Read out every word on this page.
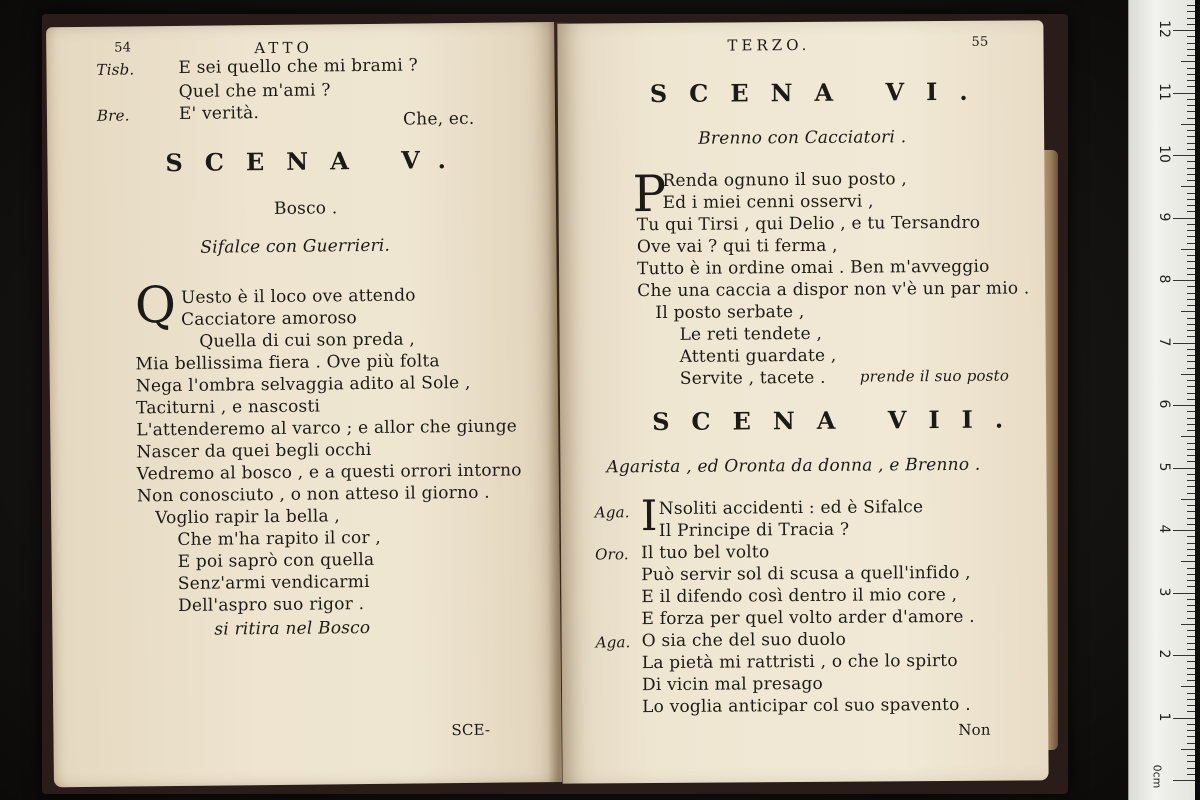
54	ATTO
Tisb.	E sei quello che mi brami ?
Quel che m'ami ?
Bre.	E' verità.	Che, ec.
SCENA V.
Bosco .
Sifalce con Guerrieri.
Q Uesto è il loco ove attendo
Cacciatore amoroso
Quella di cui son preda ,
Mia bellissima fiera . Ove più folta
Nega l'ombra selvaggia adito al Sole ,
Taciturni , e nascosti
L'attenderemo al varco ; e allor che giunge
Nascer da quei begli occhi
Vedremo al bosco , e a questi orrori intorno
Non conosciuto , o non atteso il giorno .
Voglio rapir la bella ,
Che m'ha rapito il cor ,
E poi saprò con quella
Senz'armi vendicarmi
Dell'aspro suo rigor .
si ritira nel Bosco
SCE-
TERZO.	55
SCENA VI.
Brenno con Cacciatori .
P
Renda ognuno il suo posto ,
Ed i miei cenni osservi ,
Tu qui Tirsi , qui Delio , e tu Tersandro
Ove vai ? qui ti ferma ,
Tutto è in ordine omai . Ben m'avveggio
Che una caccia a dispor non v'è un par mio .
Il posto serbate ,
Le reti tendete ,
Attenti guardate ,
Servite , tacete . prende il suo posto
SCENA VII.
Agarista , ed Oronta da donna , e Brenno .
Aga. I Nsoliti accidenti : ed è Sifalce
Il Principe di Tracia ?
Oro. Il tuo bel volto
Può servir sol di scusa a quell'infido ,
E il difendo così dentro il mio core ,
E forza per quel volto arder d'amore .
Aga. O sia che del suo duolo
La pietà mi rattristi , o che lo spirto
Di vicin mal presago
Lo voglia anticipar col suo spavento .
Non
0cm
1
2
3
4
5
6
7
8
9
10
11
12
